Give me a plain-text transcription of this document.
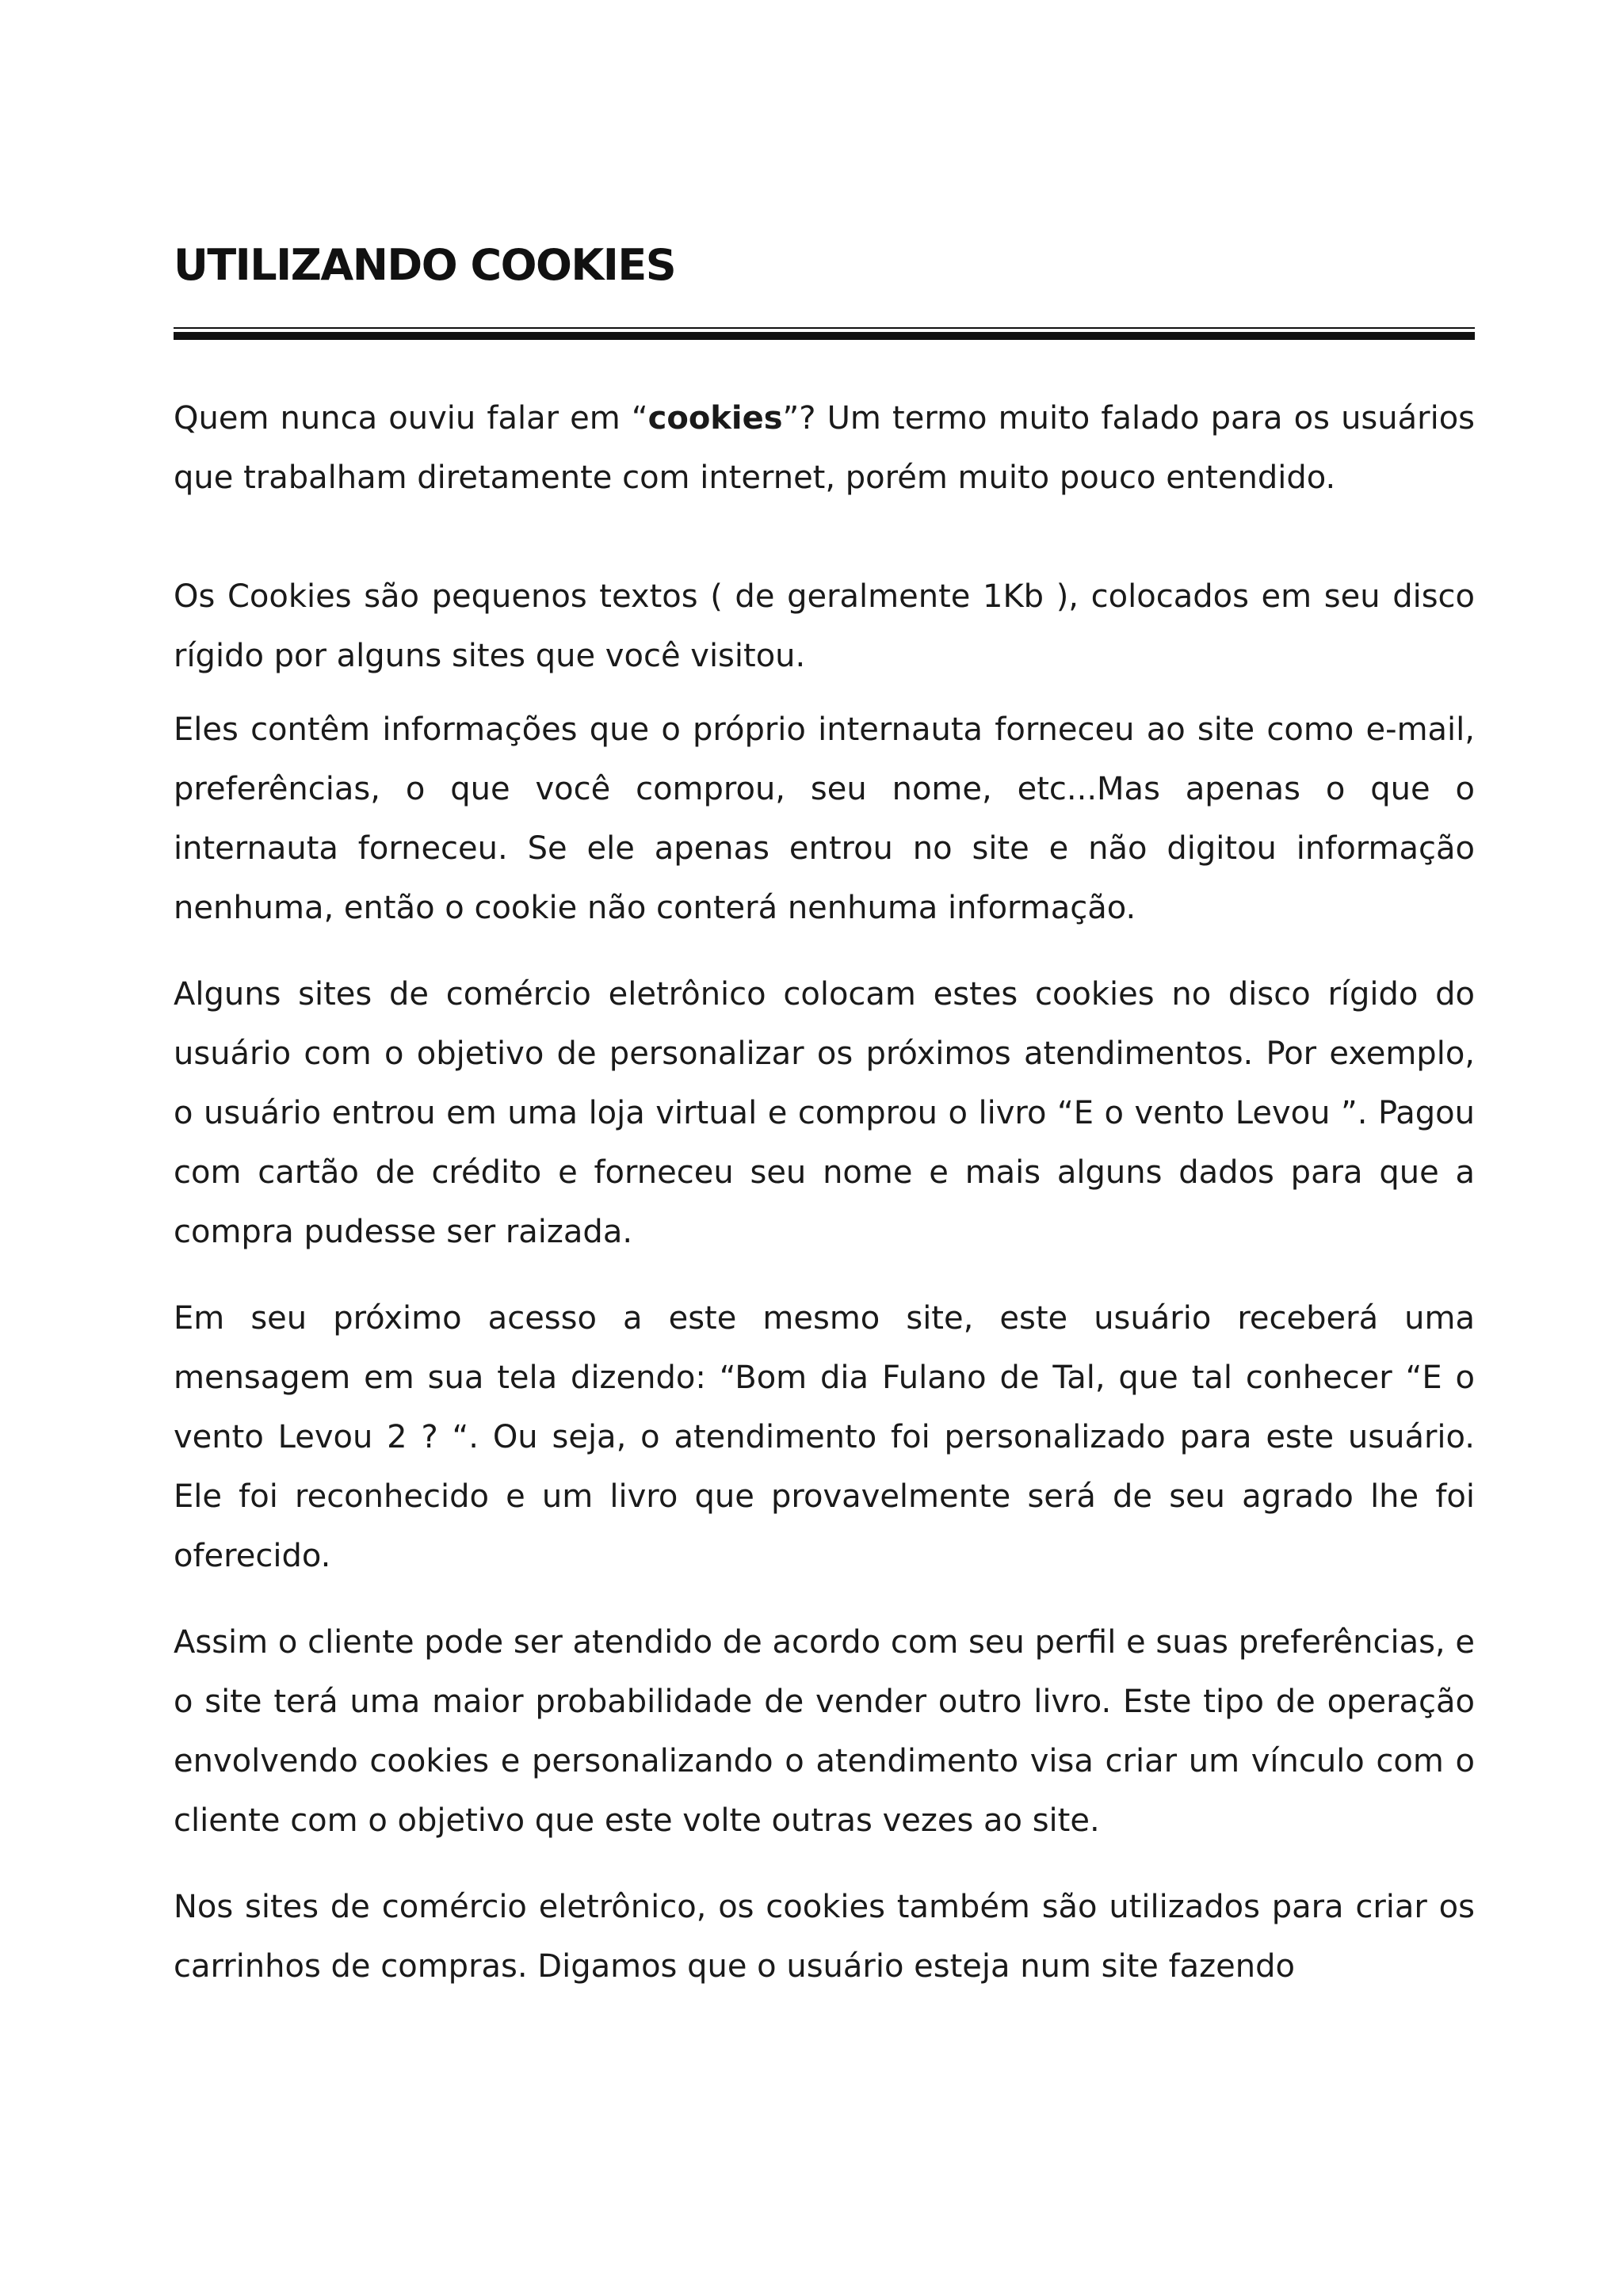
UTILIZANDO COOKIES

Quem nunca ouviu falar em “cookies”? Um termo muito falado para os usuários que trabalham diretamente com internet, porém muito pouco entendido.

Os Cookies são pequenos textos ( de geralmente 1Kb ), colocados em seu disco rígido por alguns sites que você visitou.

Eles contêm informações que o próprio internauta forneceu ao site como e-mail, preferências, o que você comprou, seu nome, etc...Mas apenas o que o internauta forneceu. Se ele apenas entrou no site e não digitou informação nenhuma, então o cookie não conterá nenhuma informação.

Alguns sites de comércio eletrônico colocam estes cookies no disco rígido do usuário com o objetivo de personalizar os próximos atendimentos. Por exemplo, o usuário entrou em uma loja virtual e comprou o livro “E o vento Levou ”. Pagou com cartão de crédito e forneceu seu nome e mais alguns dados para que a compra pudesse ser raizada.

Em seu próximo acesso a este mesmo site, este usuário receberá uma mensagem em sua tela dizendo: “Bom dia Fulano de Tal, que tal conhecer “E o vento Levou 2 ? “. Ou seja, o atendimento foi personalizado para este usuário. Ele foi reconhecido e um livro que provavelmente será de seu agrado lhe foi oferecido.

Assim o cliente pode ser atendido de acordo com seu perfil e suas preferências, e o site terá uma maior probabilidade de vender outro livro. Este tipo de operação envolvendo cookies e personalizando o atendimento visa criar um vínculo com o cliente com o objetivo que este volte outras vezes ao site.

Nos sites de comércio eletrônico, os cookies também são utilizados para criar os carrinhos de compras. Digamos que o usuário esteja num site fazendo
